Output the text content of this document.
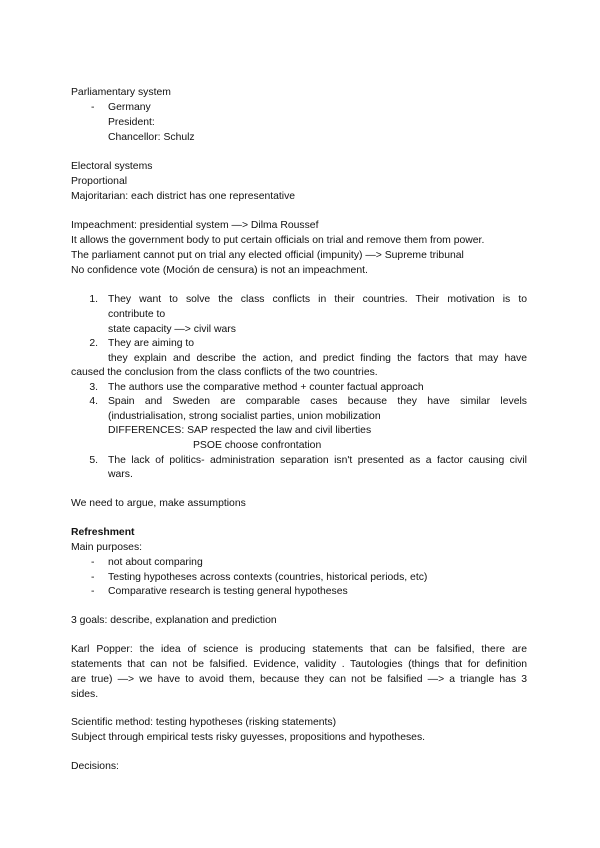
Parliamentary system
- Germany
President:
Chancellor: Schulz
Electoral systems
Proportional
Majoritarian: each district has one representative
Impeachment: presidential system —> Dilma Roussef
It allows the government body to put certain officials on trial and remove them from power.
The parliament cannot put on trial any elected official (impunity) —> Supreme tribunal
No confidence vote (Moción de censura) is not an impeachment.
1. They want to solve the class conflicts in their countries. Their motivation is to
contribute to
state capacity —> civil wars
2. They are aiming to
they explain and describe the action, and predict finding the factors that may have
caused the conclusion from the class conflicts of the two countries.
3. The authors use the comparative method + counter factual approach
4. Spain and Sweden are comparable cases because they have similar levels
(industrialisation, strong socialist parties, union mobilization
DIFFERENCES: SAP respected the law and civil liberties
PSOE choose confrontation
5. The lack of politics- administration separation isn't presented as a factor causing civil
wars.
We need to argue, make assumptions
Refreshment
Main purposes:
- not about comparing
- Testing hypotheses across contexts (countries, historical periods, etc)
- Comparative research is testing general hypotheses
3 goals: describe, explanation and prediction
Karl Popper: the idea of science is producing statements that can be falsified, there are
statements that can not be falsified. Evidence, validity . Tautologies (things that for definition
are true) —> we have to avoid them, because they can not be falsified —> a triangle has 3
sides.
Scientific method: testing hypotheses (risking statements)
Subject through empirical tests risky guyesses, propositions and hypotheses.
Decisions:
